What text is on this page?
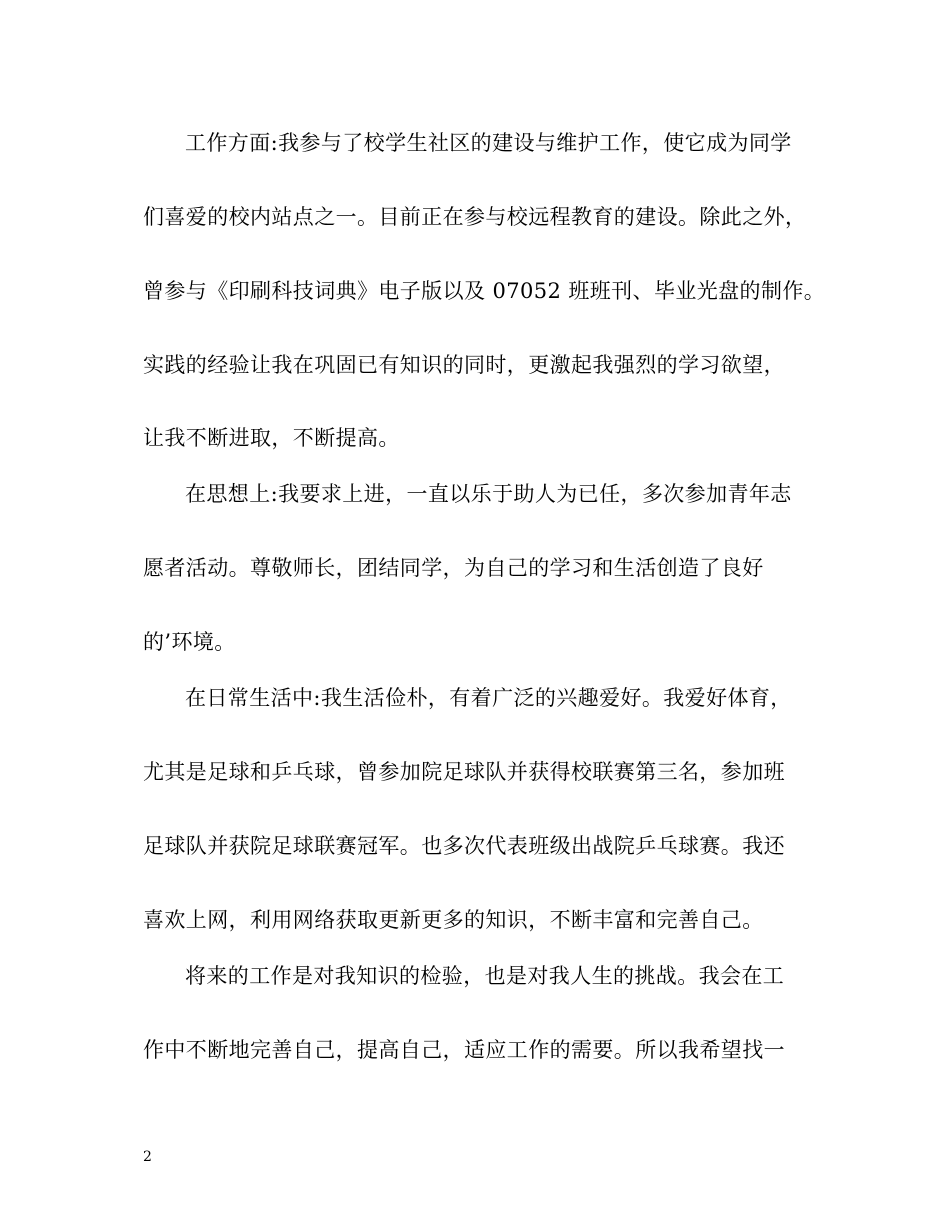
工作方面:我参与了校学生社区的建设与维护工作，使它成为同学
们喜爱的校内站点之一。目前正在参与校远程教育的建设。除此之外，
曾参与《印刷科技词典》电子版以及 07052 班班刊、毕业光盘的制作。
实践的经验让我在巩固已有知识的同时，更激起我强烈的学习欲望，
让我不断进取，不断提高。
在思想上:我要求上进，一直以乐于助人为已任，多次参加青年志
愿者活动。尊敬师长，团结同学，为自己的学习和生活创造了良好
的’环境。
在日常生活中:我生活俭朴，有着广泛的兴趣爱好。我爱好体育，
尤其是足球和乒乓球，曾参加院足球队并获得校联赛第三名，参加班
足球队并获院足球联赛冠军。也多次代表班级出战院乒乓球赛。我还
喜欢上网，利用网络获取更新更多的知识，不断丰富和完善自己。
将来的工作是对我知识的检验，也是对我人生的挑战。我会在工
作中不断地完善自己，提高自己，适应工作的需要。所以我希望找一
2
